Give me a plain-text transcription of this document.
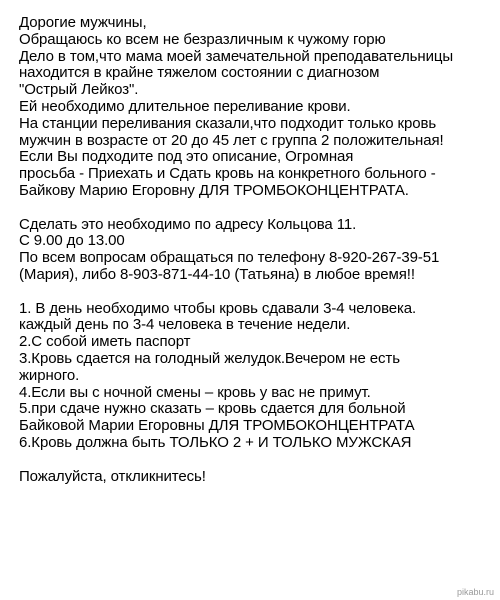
Дорогие мужчины,
Обращаюсь ко всем не безразличным к чужому горю
Дело в том,что мама моей замечательной преподавательницы
находится в крайне тяжелом состоянии с диагнозом
"Острый Лейкоз".
Ей необходимо длительное переливание крови.
На станции переливания сказали,что подходит только кровь
мужчин в возрасте от 20 до 45 лет с группа 2 положительная!
Если Вы подходите под это описание, Огромная
просьба - Приехать и Сдать кровь на конкретного больного -
Байкову Марию Егоровну ДЛЯ ТРОМБОКОНЦЕНТРАТА.
Сделать это необходимо по адресу Кольцова 11.
С 9.00 до 13.00
По всем вопросам обращаться по телефону 8-920-267-39-51
(Мария), либо 8-903-871-44-10 (Татьяна) в любое время!!
1. В день необходимо чтобы кровь сдавали 3-4 человека.
каждый день по 3-4 человека в течение недели.
2.С собой иметь паспорт
3.Кровь сдается на голодный желудок.Вечером не есть
жирного.
4.Если вы с ночной смены – кровь у вас не примут.
5.при сдаче нужно сказать – кровь сдается для больной
Байковой Марии Егоровны ДЛЯ ТРОМБОКОНЦЕНТРАТА
6.Кровь должна быть ТОЛЬКО 2 + И ТОЛЬКО МУЖСКАЯ
Пожалуйста, откликнитесь!
pikabu.ru
